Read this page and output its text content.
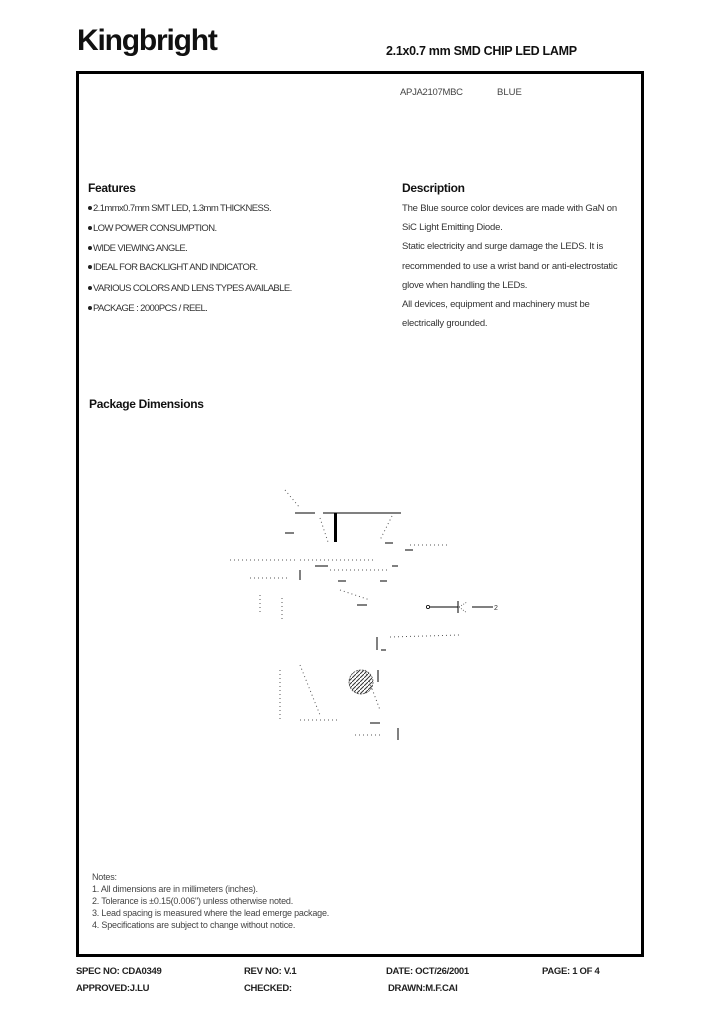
Kingbright	2.1x0.7 mm SMD CHIP LED LAMP
APJA2107MBC	BLUE
Features
2.1mmx0.7mm SMT LED, 1.3mm THICKNESS.
LOW POWER CONSUMPTION.
WIDE VIEWING ANGLE.
IDEAL FOR BACKLIGHT AND INDICATOR.
VARIOUS COLORS AND LENS TYPES AVAILABLE.
PACKAGE : 2000PCS / REEL.
Description
The Blue source color devices are made with GaN on
SiC Light Emitting Diode.
Static electricity and surge damage the LEDS. It is
recommended to use a wrist band or anti-electrostatic
glove when handling the LEDs.
All devices, equipment and machinery must be
electrically grounded.
Package Dimensions
2
Notes:
1. All dimensions are in millimeters (inches).
2. Tolerance is ±0.15(0.006") unless otherwise noted.
3. Lead spacing is measured where the lead emerge package.
4. Specifications are subject to change without notice.
SPEC NO: CDA0349	REV NO: V.1	DATE: OCT/26/2001	PAGE: 1 OF 4
APPROVED:J.LU	CHECKED:	DRAWN:M.F.CAI
